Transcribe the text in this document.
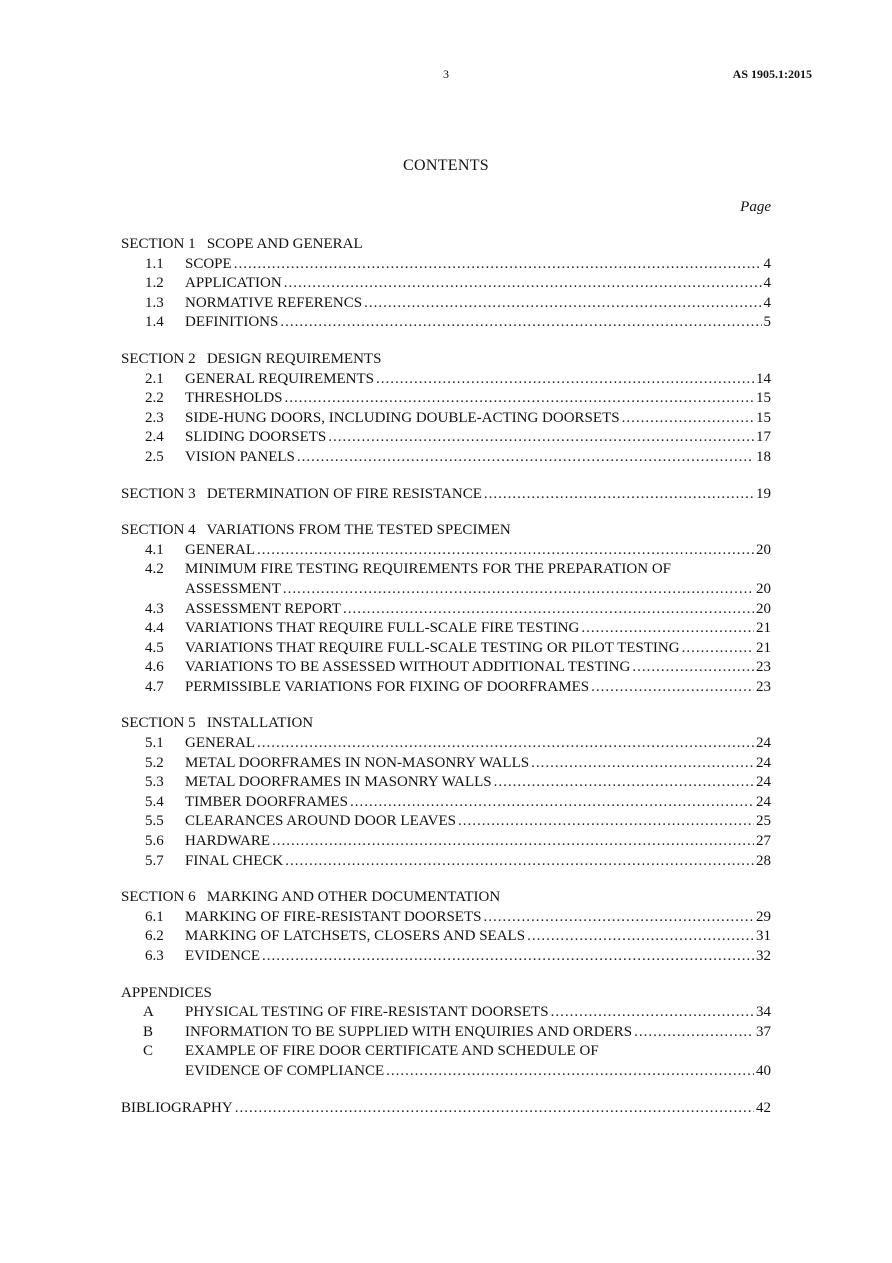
3	AS 1905.1:2015
CONTENTS
Page
SECTION 1   SCOPE AND GENERAL
1.1	SCOPE .....	4
1.2	APPLICATION .....	4
1.3	NORMATIVE REFERENCS .....	4
1.4	DEFINITIONS .....	5
SECTION 2   DESIGN REQUIREMENTS
2.1	GENERAL REQUIREMENTS .....	14
2.2	THRESHOLDS .....	15
2.3	SIDE-HUNG DOORS, INCLUDING DOUBLE-ACTING DOORSETS .....	15
2.4	SLIDING DOORSETS .....	17
2.5	VISION PANELS .....	18
SECTION 3   DETERMINATION OF FIRE RESISTANCE .....	19
SECTION 4   VARIATIONS FROM THE TESTED SPECIMEN
4.1	GENERAL .....	20
4.2	MINIMUM FIRE TESTING REQUIREMENTS FOR THE PREPARATION OF
ASSESSMENT .....	20
4.3	ASSESSMENT REPORT .....	20
4.4	VARIATIONS THAT REQUIRE FULL-SCALE FIRE TESTING .....	21
4.5	VARIATIONS THAT REQUIRE FULL-SCALE TESTING OR PILOT TESTING .....	21
4.6	VARIATIONS TO BE ASSESSED WITHOUT ADDITIONAL TESTING .....	23
4.7	PERMISSIBLE VARIATIONS FOR FIXING OF DOORFRAMES .....	23
SECTION 5   INSTALLATION
5.1	GENERAL .....	24
5.2	METAL DOORFRAMES IN NON-MASONRY WALLS .....	24
5.3	METAL DOORFRAMES IN MASONRY WALLS .....	24
5.4	TIMBER DOORFRAMES .....	24
5.5	CLEARANCES AROUND DOOR LEAVES .....	25
5.6	HARDWARE .....	27
5.7	FINAL CHECK .....	28
SECTION 6   MARKING AND OTHER DOCUMENTATION
6.1	MARKING OF FIRE-RESISTANT DOORSETS .....	29
6.2	MARKING OF LATCHSETS, CLOSERS AND SEALS .....	31
6.3	EVIDENCE .....	32
APPENDICES
A	PHYSICAL TESTING OF FIRE-RESISTANT DOORSETS .....	34
B	INFORMATION TO BE SUPPLIED WITH ENQUIRIES AND ORDERS .....	37
C	EXAMPLE OF FIRE DOOR CERTIFICATE AND SCHEDULE OF
EVIDENCE OF COMPLIANCE .....	40
BIBLIOGRAPHY .....	42
